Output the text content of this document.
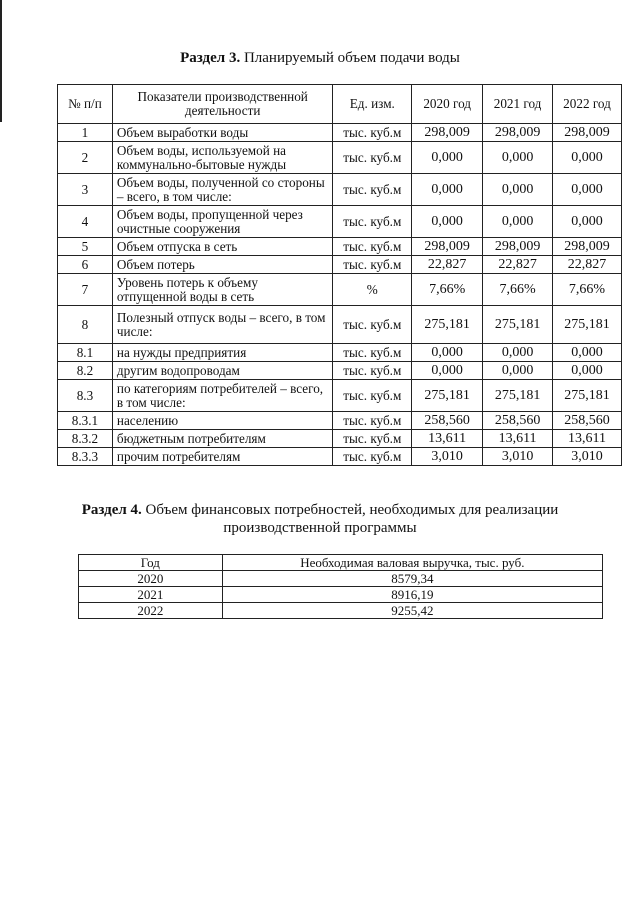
Раздел 3. Планируемый объем подачи воды
№ п/п	Показатели производственной деятельности	Ед. изм.	2020 год	2021 год	2022 год
1	Объем выработки воды	тыс. куб.м	298,009	298,009	298,009
2	Объем воды, используемой на коммунально-бытовые нужды	тыс. куб.м	0,000	0,000	0,000
3	Объем воды, полученной со стороны – всего, в том числе:	тыс. куб.м	0,000	0,000	0,000
4	Объем воды, пропущенной через очистные сооружения	тыс. куб.м	0,000	0,000	0,000
5	Объем отпуска в сеть	тыс. куб.м	298,009	298,009	298,009
6	Объем потерь	тыс. куб.м	22,827	22,827	22,827
7	Уровень потерь к объему отпущенной воды в сеть	%	7,66%	7,66%	7,66%
8	Полезный отпуск воды – всего, в том числе:	тыс. куб.м	275,181	275,181	275,181
8.1	на нужды предприятия	тыс. куб.м	0,000	0,000	0,000
8.2	другим водопроводам	тыс. куб.м	0,000	0,000	0,000
8.3	по категориям потребителей – всего, в том числе:	тыс. куб.м	275,181	275,181	275,181
8.3.1	населению	тыс. куб.м	258,560	258,560	258,560
8.3.2	бюджетным потребителям	тыс. куб.м	13,611	13,611	13,611
8.3.3	прочим потребителям	тыс. куб.м	3,010	3,010	3,010
Раздел 4. Объем финансовых потребностей, необходимых для реализации производственной программы
Год	Необходимая валовая выручка, тыс. руб.
2020	8579,34
2021	8916,19
2022	9255,42
